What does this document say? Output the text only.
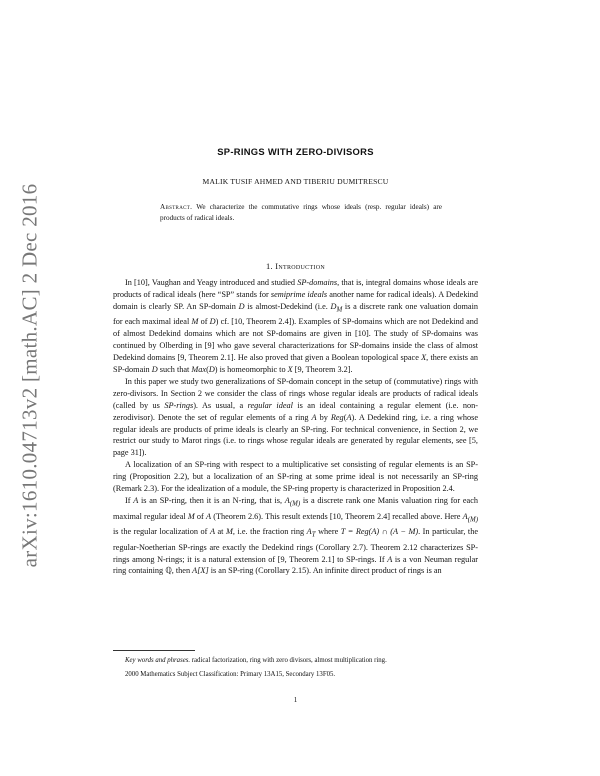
arXiv:1610.04713v2 [math.AC] 2 Dec 2016
SP-RINGS WITH ZERO-DIVISORS
MALIK TUSIF AHMED AND TIBERIU DUMITRESCU
Abstract. We characterize the commutative rings whose ideals (resp. regular ideals) are products of radical ideals.
1. Introduction

In [10], Vaughan and Yeagy introduced and studied SP-domains, that is, integral domains whose ideals are products of radical ideals (here “SP” stands for semiprime ideals another name for radical ideals). A Dedekind domain is clearly SP. An SP-domain D is almost-Dedekind (i.e. $D_M$ is a discrete rank one valuation domain for each maximal ideal M of D) cf. [10, Theorem 2.4]). Examples of SP-domains which are not Dedekind and of almost Dedekind domains which are not SP-domains are given in [10]. The study of SP-domains was continued by Olberding in [9] who gave several characterizations for SP-domains inside the class of almost Dedekind domains [9, Theorem 2.1]. He also proved that given a Boolean topological space X, there exists an SP-domain D such that Max(D) is homeomorphic to X [9, Theorem 3.2].

In this paper we study two generalizations of SP-domain concept in the setup of (commutative) rings with zero-divisors. In Section 2 we consider the class of rings whose regular ideals are products of radical ideals (called by us SP-rings). As usual, a regular ideal is an ideal containing a regular element (i.e. non-zerodivisor). Denote the set of regular elements of a ring A by Reg(A). A Dedekind ring, i.e. a ring whose regular ideals are products of prime ideals is clearly an SP-ring. For technical convenience, in Section 2, we restrict our study to Marot rings (i.e. to rings whose regular ideals are generated by regular elements, see [5, page 31]).

A localization of an SP-ring with respect to a multiplicative set consisting of regular elements is an SP-ring (Proposition 2.2), but a localization of an SP-ring at some prime ideal is not necessarily an SP-ring (Remark 2.3). For the idealization of a module, the SP-ring property is characterized in Proposition 2.4.

If A is an SP-ring, then it is an N-ring, that is, $A_{(M)}$ is a discrete rank one Manis valuation ring for each maximal regular ideal M of A (Theorem 2.6). This result extends [10, Theorem 2.4] recalled above. Here $A_{(M)}$ is the regular localization of A at M, i.e. the fraction ring $A_T$ where T = Reg(A) ∩ (A − M). In particular, the regular-Noetherian SP-rings are exactly the Dedekind rings (Corollary 2.7). Theorem 2.12 characterizes SP-rings among N-rings; it is a natural extension of [9, Theorem 2.1] to SP-rings. If A is a von Neuman regular ring containing ℚ, then A[X] is an SP-ring (Corollary 2.15). An infinite direct product of rings is an

Key words and phrases. radical factorization, ring with zero divisors, almost multiplication ring.

2000 Mathematics Subject Classification: Primary 13A15, Secondary 13F05.

1
